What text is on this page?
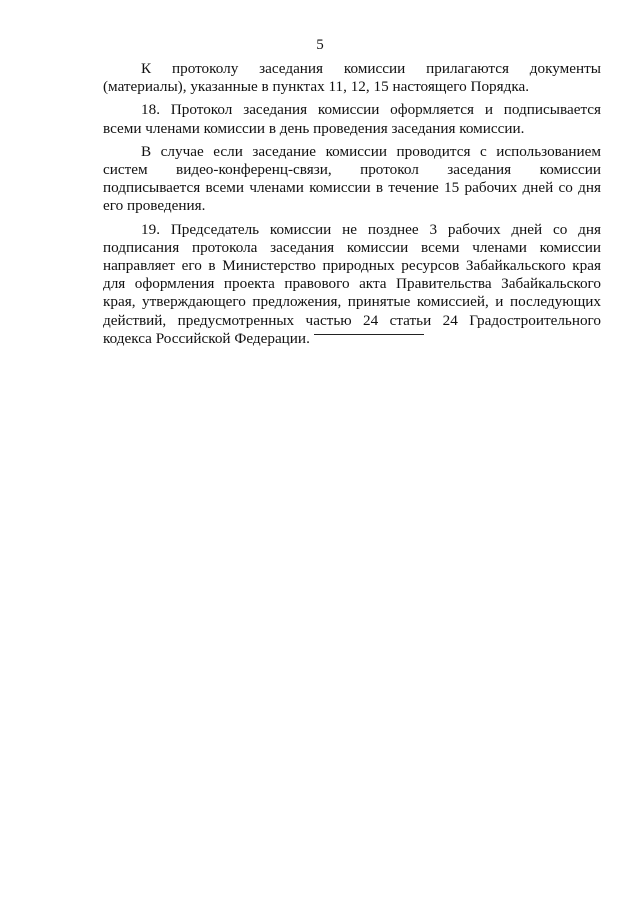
5

К протоколу заседания комиссии прилагаются документы (материалы), указанные в пунктах 11, 12, 15 настоящего Порядка.

18. Протокол заседания комиссии оформляется и подписывается всеми членами комиссии в день проведения заседания комиссии.

В случае если заседание комиссии проводится с использованием систем видео-конференц-связи, протокол заседания комиссии подписывается всеми членами комиссии в течение 15 рабочих дней со дня его проведения.

19. Председатель комиссии не позднее 3 рабочих дней со дня подписания протокола заседания комиссии всеми членами комиссии направляет его в Министерство природных ресурсов Забайкальского края для оформления проекта правового акта Правительства Забайкальского края, утверждающего предложения, принятые комиссией, и последующих действий, предусмотренных частью 24 статьи 24 Градостроительного кодекса Российской Федерации.
